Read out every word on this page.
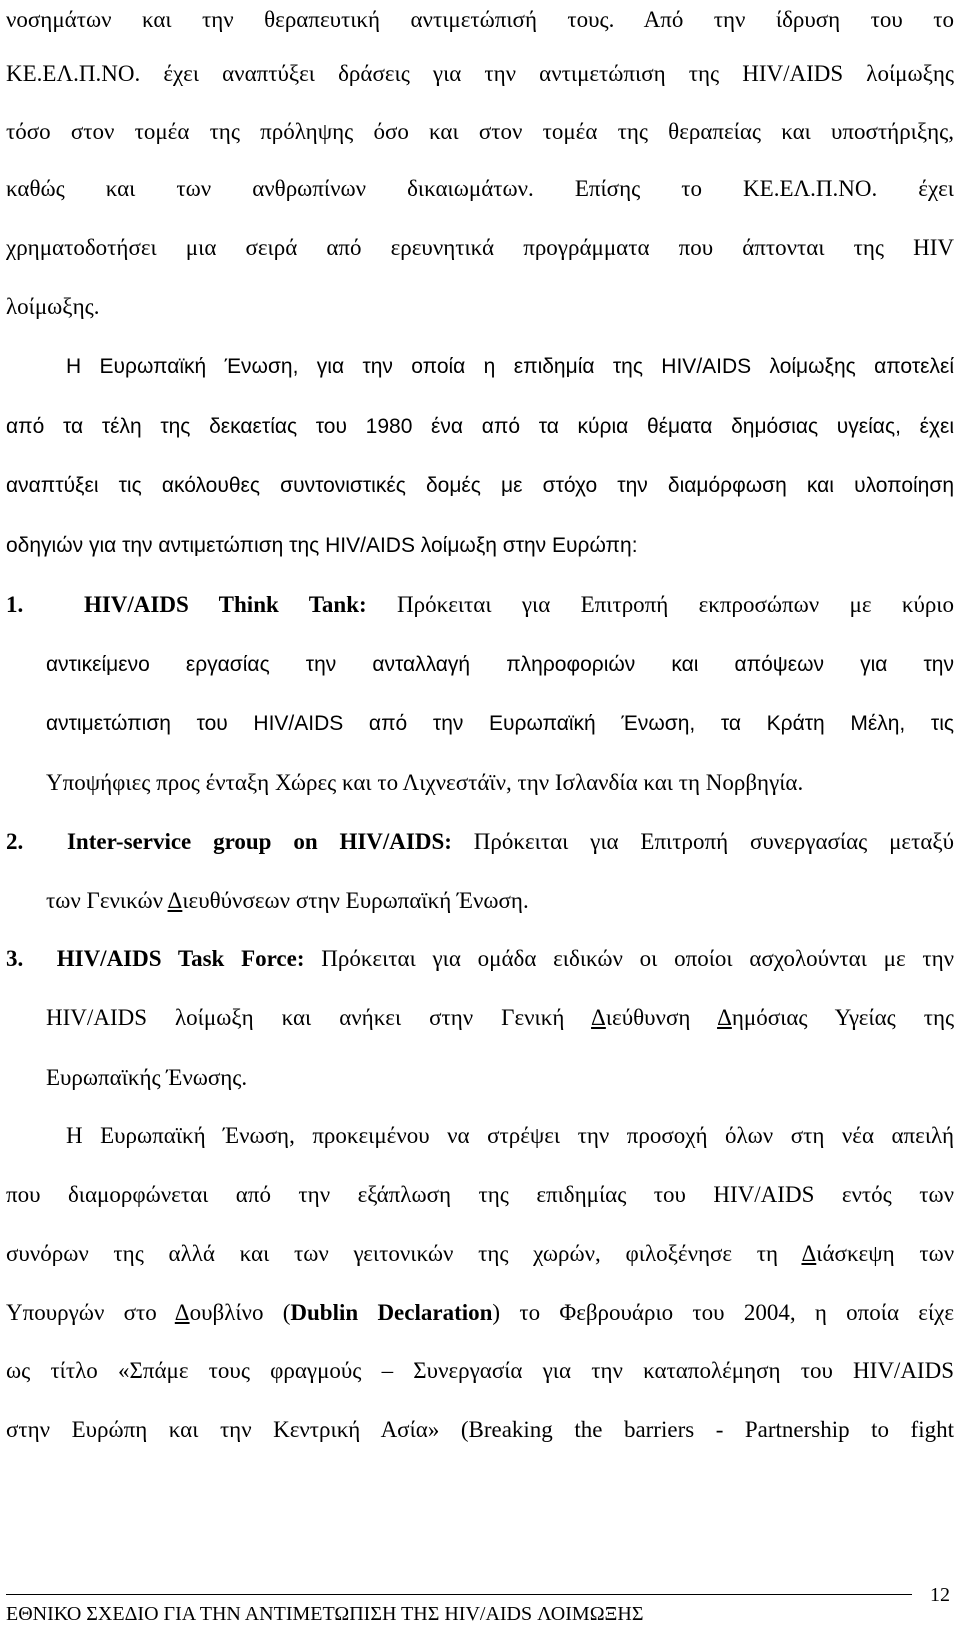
νοσημάτων και την θεραπευτική αντιμετώπισή τους. Από την ίδρυση του το
ΚΕ.ΕΛ.Π.ΝΟ. έχει αναπτύξει δράσεις για την αντιμετώπιση της HIV/AIDS λοίμωξης
τόσο στον τομέα της πρόληψης όσο και στον τομέα της θεραπείας και υποστήριξης,
καθώς και των ανθρωπίνων δικαιωμάτων. Επίσης το ΚΕ.ΕΛ.Π.ΝΟ. έχει
χρηματοδοτήσει μια σειρά από ερευνητικά προγράμματα που άπτονται της HIV
λοίμωξης.
Η Ευρωπαϊκή Ένωση, για την οποία η επιδημία της HIV/AIDS λοίμωξης αποτελεί
από τα τέλη της δεκαετίας του 1980 ένα από τα κύρια θέματα δημόσιας υγείας, έχει
αναπτύξει τις ακόλουθες συντονιστικές δομές με στόχο την διαμόρφωση και υλοποίηση
οδηγιών για την αντιμετώπιση της HIV/AIDS λοίμωξη στην Ευρώπη:
1.	HIV/AIDS Think Tank: Πρόκειται για Επιτροπή εκπροσώπων με κύριο
αντικείμενο εργασίας την ανταλλαγή πληροφοριών και απόψεων για την
αντιμετώπιση του HIV/AIDS από την Ευρωπαϊκή Ένωση, τα Κράτη Μέλη, τις
Υποψήφιες προς ένταξη Χώρες και το Λιχνεστάϊν, την Ισλανδία και τη Νορβηγία.
2. Inter-service group on HIV/AIDS: Πρόκειται για Επιτροπή συνεργασίας μεταξύ
των Γενικών Διευθύνσεων στην Ευρωπαϊκή Ένωση.
3. HIV/AIDS Task Force: Πρόκειται για ομάδα ειδικών οι οποίοι ασχολούνται με την
HIV/AIDS λοίμωξη και ανήκει στην Γενική Διεύθυνση Δημόσιας Υγείας της
Ευρωπαϊκής Ένωσης.
Η Ευρωπαϊκή Ένωση, προκειμένου να στρέψει την προσοχή όλων στη νέα απειλή
που διαμορφώνεται από την εξάπλωση της επιδημίας του HIV/AIDS εντός των
συνόρων της αλλά και των γειτονικών της χωρών, φιλοξένησε τη Διάσκεψη των
Υπουργών στο Δουβλίνο (Dublin Declaration) το Φεβρουάριο του 2004, η οποία είχε
ως τίτλο «Σπάμε τους φραγμούς – Συνεργασία για την καταπολέμηση του HIV/AIDS
στην Ευρώπη και την Κεντρική Ασία» (Breaking the barriers - Partnership to fight
12
ΕΘΝΙΚΟ ΣΧΕΔΙΟ ΓΙΑ ΤΗΝ ΑΝΤΙΜΕΤΩΠΙΣΗ ΤΗΣ HIV/AIDS ΛΟΙΜΩΞΗΣ
